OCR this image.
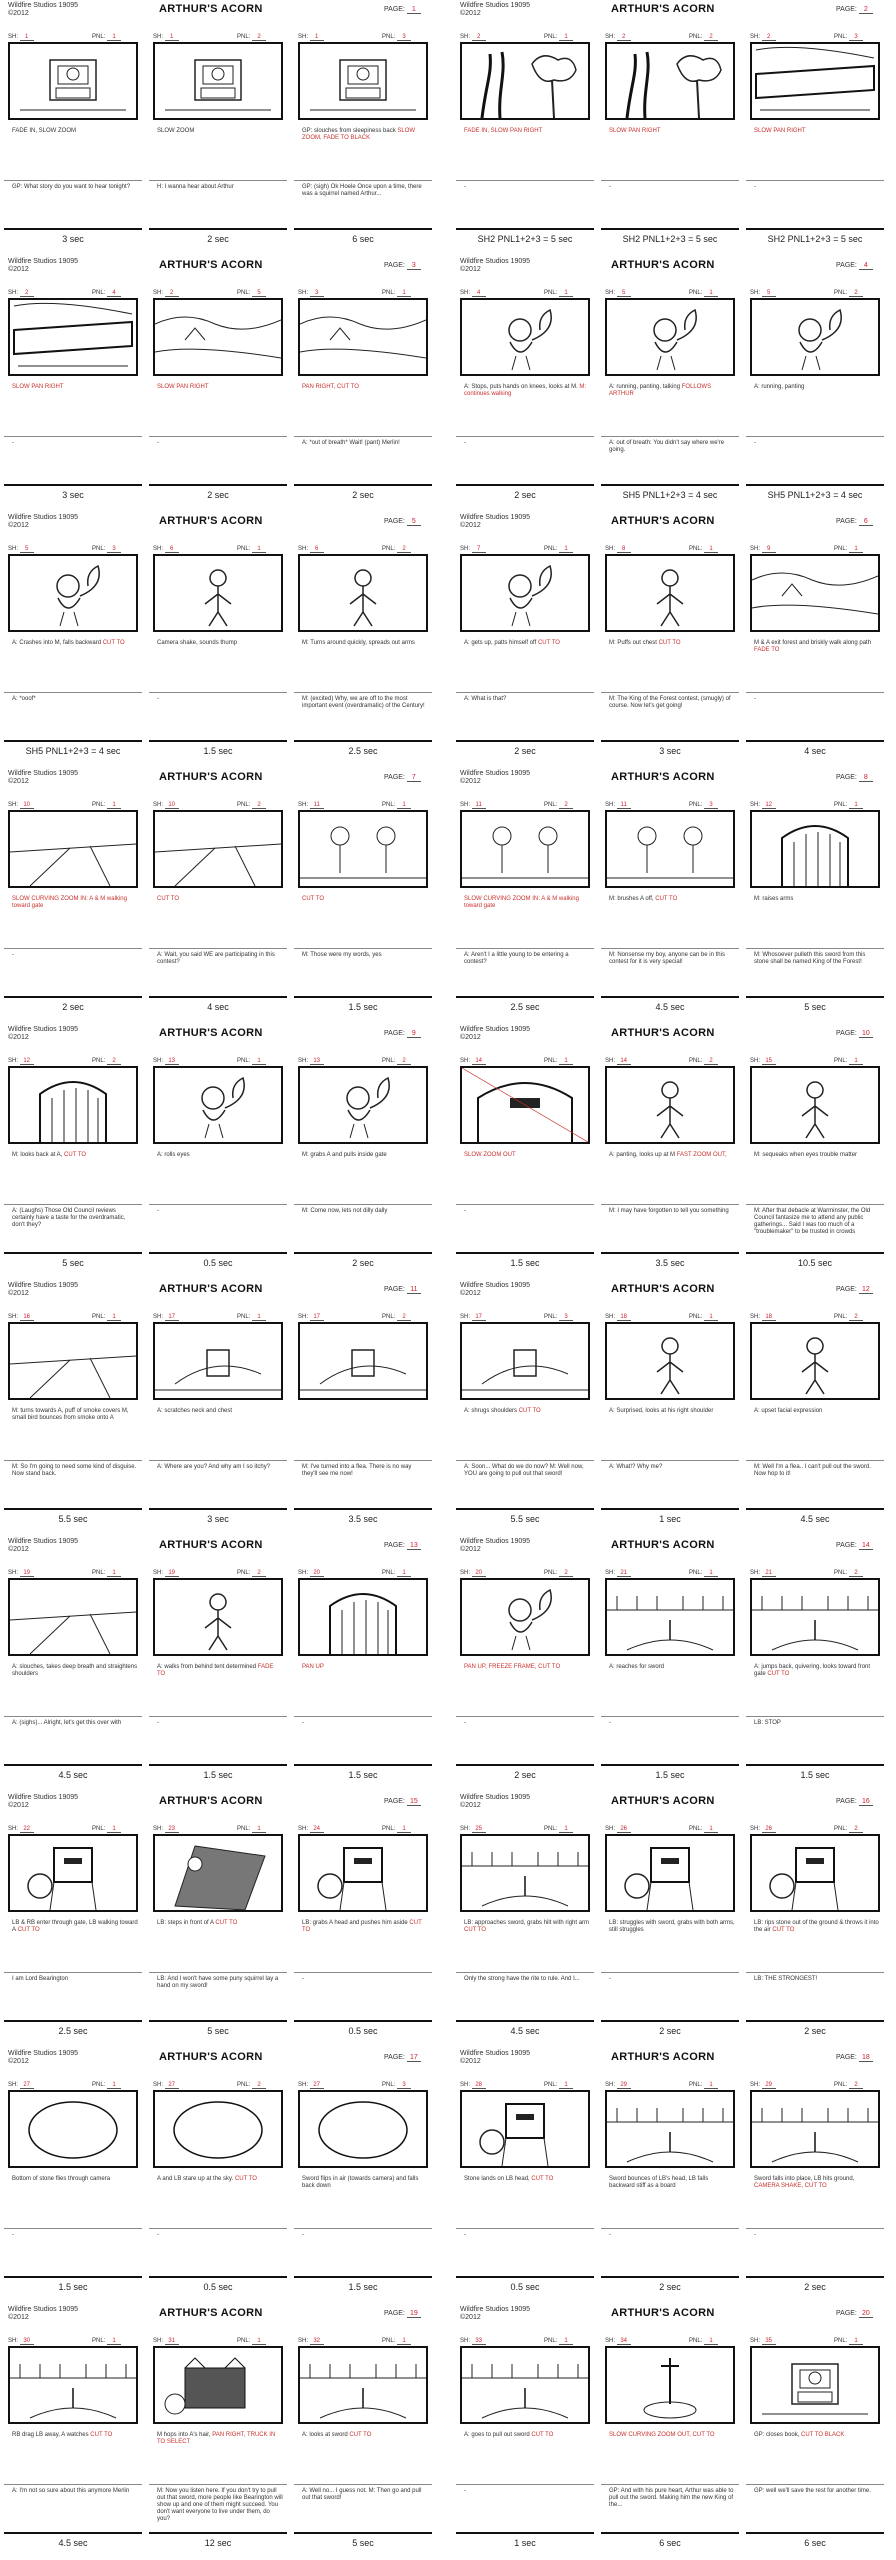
Wildfire Studios 19095
©2012	ARTHUR'S ACORN	PAGE: 1
SH: 1	PNL: 1
FADE IN, SLOW ZOOM
GP: What story do you want to hear tonight?
3 sec
SH: 1	PNL: 2
SLOW ZOOM
H: I wanna hear about Arthur
2 sec
SH: 1	PNL: 3
GP: slouches from sleepiness back SLOW ZOOM, FADE TO BLACK
GP: (sigh) Ok Hoele Once upon a time, there was a squirrel named Arthur...
6 sec
Wildfire Studios 19095
©2012	ARTHUR'S ACORN	PAGE: 2
SH: 2	PNL: 1
FADE IN, SLOW PAN RIGHT
-
SH2 PNL1+2+3 = 5 sec
SH: 2	PNL: 2
SLOW PAN RIGHT
-
SH2 PNL1+2+3 = 5 sec
SH: 2	PNL: 3
SLOW PAN RIGHT
-
SH2 PNL1+2+3 = 5 sec
Wildfire Studios 19095
©2012	ARTHUR'S ACORN	PAGE: 3
SH: 2	PNL: 4
SLOW PAN RIGHT
-
3 sec
SH: 2	PNL: 5
SLOW PAN RIGHT
-
2 sec
SH: 3	PNL: 1
PAN RIGHT, CUT TO
A: *out of breath* Wait! (pant) Merlin!
2 sec
Wildfire Studios 19095
©2012	ARTHUR'S ACORN	PAGE: 4
SH: 4	PNL: 1
A: Stops, puts hands on knees, looks at M. M: continues walking
-
2 sec
SH: 5	PNL: 1
A: running, panting, talking FOLLOWS ARTHUR
A: out of breath: You didn't say where we're going.
SH5 PNL1+2+3 = 4 sec
SH: 5	PNL: 2
A: running, panting
-
SH5 PNL1+2+3 = 4 sec
Wildfire Studios 19095
©2012	ARTHUR'S ACORN	PAGE: 5
SH: 5	PNL: 3
A: Crashes into M, falls backward CUT TO
A: *ooof*
SH5 PNL1+2+3 = 4 sec
SH: 6	PNL: 1
Camera shake, sounds thump
-
1.5 sec
SH: 6	PNL: 2
M: Turns around quickly, spreads out arms
M: (excited) Why, we are off to the most important event (overdramatic) of the Century!
2.5 sec
Wildfire Studios 19095
©2012	ARTHUR'S ACORN	PAGE: 6
SH: 7	PNL: 1
A: gets up, patts himself off CUT TO
A: What is that?
2 sec
SH: 8	PNL: 1
M: Puffs out chest CUT TO
M: The King of the Forest contest, (smugly) of course. Now let's get going!
3 sec
SH: 9	PNL: 1
M & A exit forest and briskly walk along path FADE TO
-
4 sec
Wildfire Studios 19095
©2012	ARTHUR'S ACORN	PAGE: 7
SH: 10	PNL: 1
SLOW CURVING ZOOM IN: A & M walking toward gate
-
2 sec
SH: 10	PNL: 2
CUT TO
A: Wait, you said WE are participating in this contest?
4 sec
SH: 11	PNL: 1
CUT TO
M: Those were my words, yes
1.5 sec
Wildfire Studios 19095
©2012	ARTHUR'S ACORN	PAGE: 8
SH: 11	PNL: 2
SLOW CURVING ZOOM IN: A & M walking toward gate
A: Aren't I a little young to be entering a contest?
2.5 sec
SH: 11	PNL: 3
M: brushes A off, CUT TO
M: Nonsense my boy, anyone can be in this contest for it is very special!
4.5 sec
SH: 12	PNL: 1
M: raises arms
M: Whosoever pulleth this sword from this stone shall be named King of the Forest!
5 sec
Wildfire Studios 19095
©2012	ARTHUR'S ACORN	PAGE: 9
SH: 12	PNL: 2
M: looks back at A, CUT TO
A: (Laughs) Those Old Council reviews certainly have a taste for the overdramatic, don't they?
5 sec
SH: 13	PNL: 1
A: rolls eyes
-
0.5 sec
SH: 13	PNL: 2
M: grabs A and pulls inside gate
M: Come now, lets not dilly dally
2 sec
Wildfire Studios 19095
©2012	ARTHUR'S ACORN	PAGE: 10
SH: 14	PNL: 1
SLOW ZOOM OUT
-
1.5 sec
SH: 14	PNL: 2
A: panting, looks up at M FAST ZOOM OUT,
M: I may have forgotten to tell you something
3.5 sec
SH: 15	PNL: 1
M: sequeaks when eyes trouble matter
M: After that debacle at Warminster, the Old Council fantasize me to attend any public gatherings... Said I was too much of a "troublemaker" to be trusted in crowds
10.5 sec
Wildfire Studios 19095
©2012	ARTHUR'S ACORN	PAGE: 11
SH: 16	PNL: 1
M: turns towards A, puff of smoke covers M, small bird bounces from smoke onto A
M: So I'm going to need some kind of disguise. Now stand back.
5.5 sec
SH: 17	PNL: 1
A: scratches neck and chest
A: Where are you? And why am I so itchy?
3 sec
SH: 17	PNL: 2
M: I've turned into a flea. There is no way they'll see me now!
3.5 sec
Wildfire Studios 19095
©2012	ARTHUR'S ACORN	PAGE: 12
SH: 17	PNL: 3
A: shrugs shoulders CUT TO
A: Soon... What do we do now? M: Well now, YOU are going to pull out that sword!
5.5 sec
SH: 18	PNL: 1
A: Surprised, looks at his right shoulder
A: What!? Why me?
1 sec
SH: 18	PNL: 2
A: upset facial expression
M: Well I'm a flea.. I can't pull out the sword. Now hop to it!
4.5 sec
Wildfire Studios 19095
©2012	ARTHUR'S ACORN	PAGE: 13
SH: 19	PNL: 1
A: slouches, takes deep breath and straightens shoulders
A: (sighs)... Alright, let's get this over with
4.5 sec
SH: 19	PNL: 2
A: walks from behind tent determined FADE TO
-
1.5 sec
SH: 20	PNL: 1
PAN UP
-
1.5 sec
Wildfire Studios 19095
©2012	ARTHUR'S ACORN	PAGE: 14
SH: 20	PNL: 2
PAN UP, FREEZE FRAME, CUT TO
-
2 sec
SH: 21	PNL: 1
A: reaches for sword
-
1.5 sec
SH: 21	PNL: 2
A: jumps back, quivering, looks toward front gate CUT TO
LB: STOP
1.5 sec
Wildfire Studios 19095
©2012	ARTHUR'S ACORN	PAGE: 15
SH: 22	PNL: 1
LB & RB enter through gate, LB walking toward A CUT TO
I am Lord Bearington
2.5 sec
SH: 23	PNL: 1
LB: steps in front of A CUT TO
LB: And I won't have some puny squirrel lay a hand on my sword!
5 sec
SH: 24	PNL: 1
LB: grabs A head and pushes him aside CUT TO
-
0.5 sec
Wildfire Studios 19095
©2012	ARTHUR'S ACORN	PAGE: 16
SH: 25	PNL: 1
LB: approaches sword, grabs hilt with right arm CUT TO
Only the strong have the rite to rule. And I...
4.5 sec
SH: 26	PNL: 1
LB: struggles with sword, grabs with both arms, still struggles
-
2 sec
SH: 26	PNL: 2
LB: rips stone out of the ground & throws it into the air CUT TO
LB: THE STRONGEST!
2 sec
Wildfire Studios 19095
©2012	ARTHUR'S ACORN	PAGE: 17
SH: 27	PNL: 1
Bottom of stone flies through camera
-
1.5 sec
SH: 27	PNL: 2
A and LB stare up at the sky. CUT TO
-
0.5 sec
SH: 27	PNL: 3
Sword flips in air (towards camera) and falls back down
-
1.5 sec
Wildfire Studios 19095
©2012	ARTHUR'S ACORN	PAGE: 18
SH: 28	PNL: 1
Stone lands on LB head, CUT TO
-
0.5 sec
SH: 29	PNL: 1
Sword bounces of LB's head, LB falls backward stiff as a board
-
2 sec
SH: 29	PNL: 2
Sword falls into place, LB hits ground, CAMERA SHAKE, CUT TO
-
2 sec
Wildfire Studios 19095
©2012	ARTHUR'S ACORN	PAGE: 19
SH: 30	PNL: 1
RB drag LB away, A watches CUT TO
A: I'm not so sure about this anymore Merlin
4.5 sec
SH: 31	PNL: 1
M hops into A's hair, PAN RIGHT, TRUCK IN TO SELECT
M: Now you listen here. If you don't try to pull out that sword, more people like Bearington will show up and one of them might succeed. You don't want everyone to live under them, do you?
12 sec
SH: 32	PNL: 1
A: looks at sword CUT TO
A: Well no... I guess not. M: Then go and pull out that sword!
5 sec
Wildfire Studios 19095
©2012	ARTHUR'S ACORN	PAGE: 20
SH: 33	PNL: 1
A: goes to pull out sword CUT TO
-
1 sec
SH: 34	PNL: 1
SLOW CURVING ZOOM OUT, CUT TO
GP: And with his pure heart, Arthur was able to pull out the sword. Making him the new King of the...
6 sec
SH: 35	PNL: 1
GP: closes book, CUT TO BLACK
GP: well we'll save the rest for another time.
6 sec
